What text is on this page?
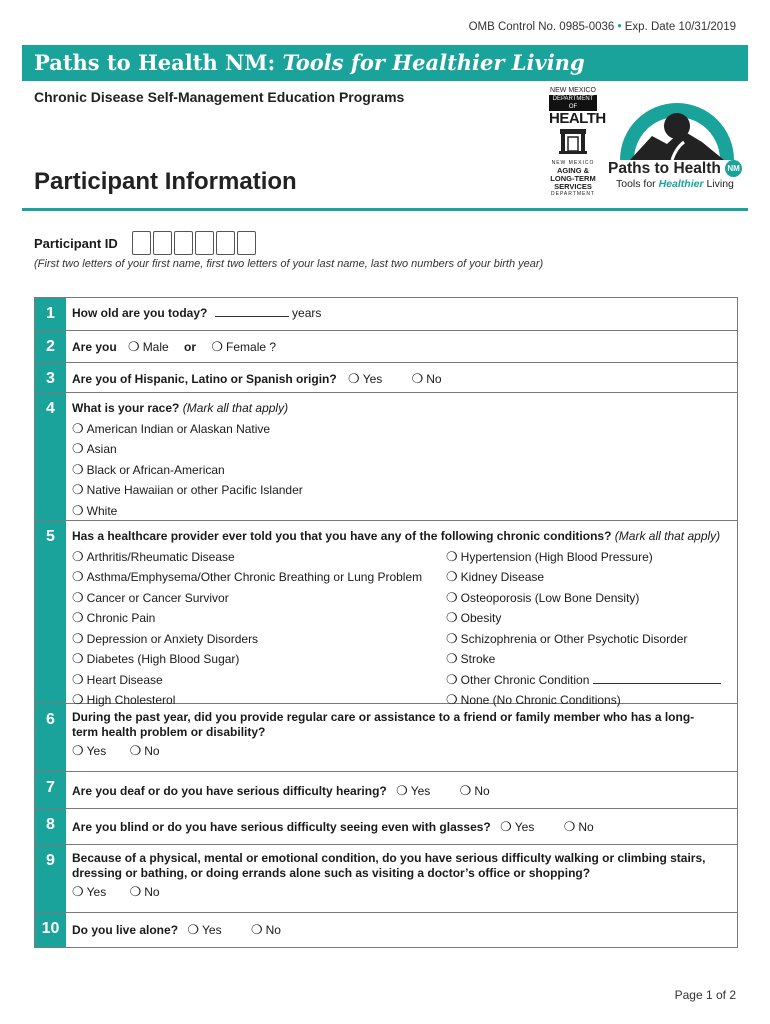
OMB Control No. 0985-0036 • Exp. Date 10/31/2019
Paths to Health NM: Tools for Healthier Living
Chronic Disease Self-Management Education Programs	NEW MEXICO
DEPARTMENT OF
HEALTH
NEW MEXICO
AGING &
LONG-TERM
SERVICES
DEPARTMENT
Paths to Health NM
Tools for Healthier Living
Participant Information
Participant ID
(First two letters of your first name, first two letters of your last name, last two numbers of your birth year)
1	How old are you today?	years
2	Are you ❍ Male or ❍ Female ?
3	Are you of Hispanic, Latino or Spanish origin? ❍ Yes ❍ No
4	What is your race? (Mark all that apply)
❍ American Indian or Alaskan Native
❍ Asian
❍ Black or African-American
❍ Native Hawaiian or other Pacific Islander
❍ White
5	Has a healthcare provider ever told you that you have any of the following chronic conditions? (Mark all that apply)
❍ Arthritis/Rheumatic Disease
❍ Asthma/Emphysema/Other Chronic Breathing or Lung Problem
❍ Cancer or Cancer Survivor
❍ Chronic Pain
❍ Depression or Anxiety Disorders
❍ Diabetes (High Blood Sugar)
❍ Heart Disease
❍ High Cholesterol
❍ Hypertension (High Blood Pressure)
❍ Kidney Disease
❍ Osteoporosis (Low Bone Density)
❍ Obesity
❍ Schizophrenia or Other Psychotic Disorder
❍ Stroke
❍ Other Chronic Condition
❍ None (No Chronic Conditions)
6	During the past year, did you provide regular care or assistance to a friend or family member who has a long-term health problem or disability?
❍ Yes ❍ No
7	Are you deaf or do you have serious difficulty hearing? ❍ Yes ❍ No
8	Are you blind or do you have serious difficulty seeing even with glasses? ❍ Yes ❍ No
9	Because of a physical, mental or emotional condition, do you have serious difficulty walking or climbing stairs, dressing or bathing, or doing errands alone such as visiting a doctor’s office or shopping?
❍ Yes ❍ No
10	Do you live alone? ❍ Yes ❍ No
Page 1 of 2
